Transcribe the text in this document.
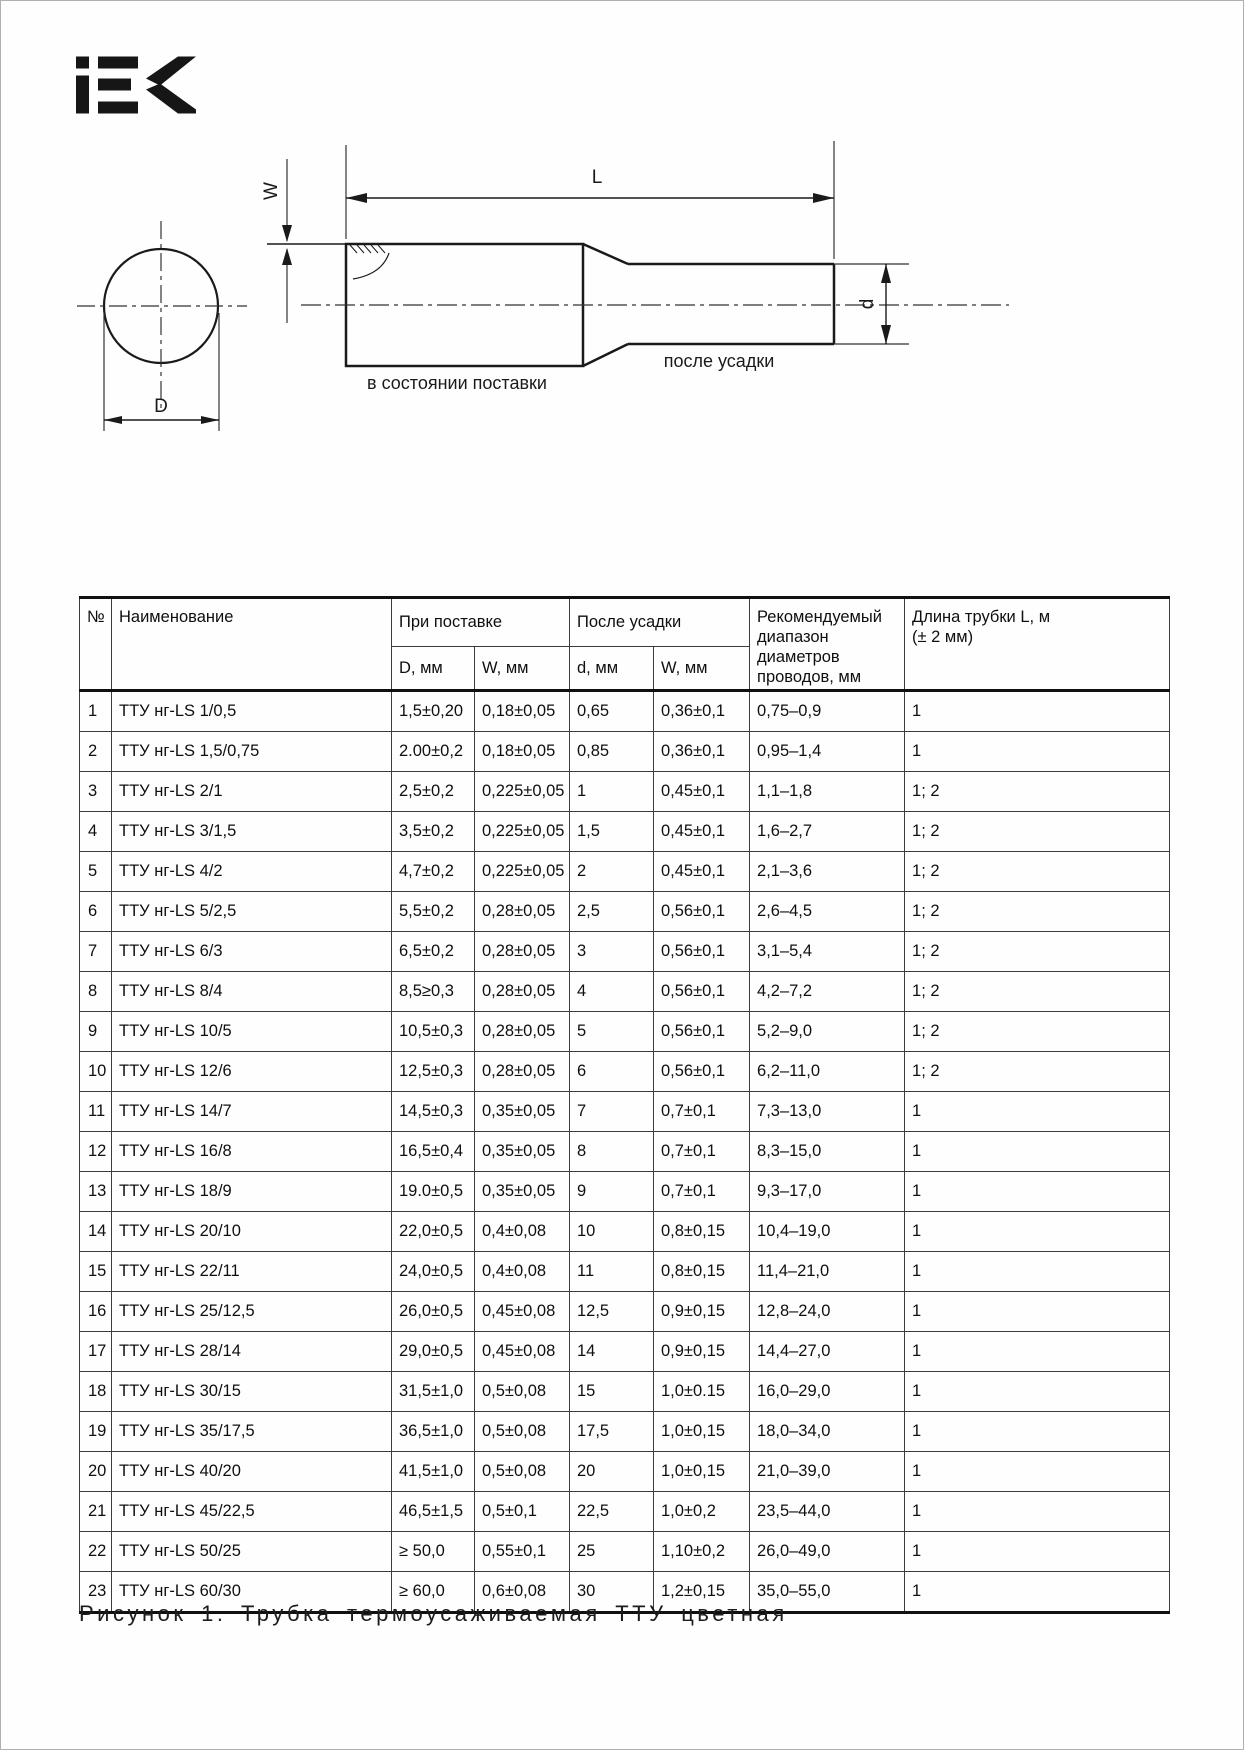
D
W
L
d
в состоянии поставки
после усадки
№	Наименование	При поставке		После усадки		Рекомендуемый диапазон диаметров проводов, мм	Длина трубки L, м
(± 2 мм)

		D, мм	W, мм	d, мм	W, мм		
1	ТТУ нг-LS 1/0,5	1,5±0,20	0,18±0,05	0,65	0,36±0,1	0,75–0,9	1
2	ТТУ нг-LS 1,5/0,75	2.00±0,2	0,18±0,05	0,85	0,36±0,1	0,95–1,4	1
3	ТТУ нг-LS 2/1	2,5±0,2	0,225±0,05	1	0,45±0,1	1,1–1,8	1; 2
4	ТТУ нг-LS 3/1,5	3,5±0,2	0,225±0,05	1,5	0,45±0,1	1,6–2,7	1; 2
5	ТТУ нг-LS 4/2	4,7±0,2	0,225±0,05	2	0,45±0,1	2,1–3,6	1; 2
6	ТТУ нг-LS 5/2,5	5,5±0,2	0,28±0,05	2,5	0,56±0,1	2,6–4,5	1; 2
7	ТТУ нг-LS 6/3	6,5±0,2	0,28±0,05	3	0,56±0,1	3,1–5,4	1; 2
8	ТТУ нг-LS 8/4	8,5≥0,3	0,28±0,05	4	0,56±0,1	4,2–7,2	1; 2
9	ТТУ нг-LS 10/5	10,5±0,3	0,28±0,05	5	0,56±0,1	5,2–9,0	1; 2
10	ТТУ нг-LS 12/6	12,5±0,3	0,28±0,05	6	0,56±0,1	6,2–11,0	1; 2
11	ТТУ нг-LS 14/7	14,5±0,3	0,35±0,05	7	0,7±0,1	7,3–13,0	1
12	ТТУ нг-LS 16/8	16,5±0,4	0,35±0,05	8	0,7±0,1	8,3–15,0	1
13	ТТУ нг-LS 18/9	19.0±0,5	0,35±0,05	9	0,7±0,1	9,3–17,0	1
14	ТТУ нг-LS 20/10	22,0±0,5	0,4±0,08	10	0,8±0,15	10,4–19,0	1
15	ТТУ нг-LS 22/11	24,0±0,5	0,4±0,08	11	0,8±0,15	11,4–21,0	1
16	ТТУ нг-LS 25/12,5	26,0±0,5	0,45±0,08	12,5	0,9±0,15	12,8–24,0	1
17	ТТУ нг-LS 28/14	29,0±0,5	0,45±0,08	14	0,9±0,15	14,4–27,0	1
18	ТТУ нг-LS 30/15	31,5±1,0	0,5±0,08	15	1,0±0.15	16,0–29,0	1
19	ТТУ нг-LS 35/17,5	36,5±1,0	0,5±0,08	17,5	1,0±0,15	18,0–34,0	1
20	ТТУ нг-LS 40/20	41,5±1,0	0,5±0,08	20	1,0±0,15	21,0–39,0	1
21	ТТУ нг-LS 45/22,5	46,5±1,5	0,5±0,1	22,5	1,0±0,2	23,5–44,0	1
22	ТТУ нг-LS 50/25	≥ 50,0	0,55±0,1	25	1,10±0,2	26,0–49,0	1
23	ТТУ нг-LS 60/30	≥ 60,0	0,6±0,08	30	1,2±0,15	35,0–55,0	1
Рисунок 1. Трубка термоусаживаемая ТТУ цветная
